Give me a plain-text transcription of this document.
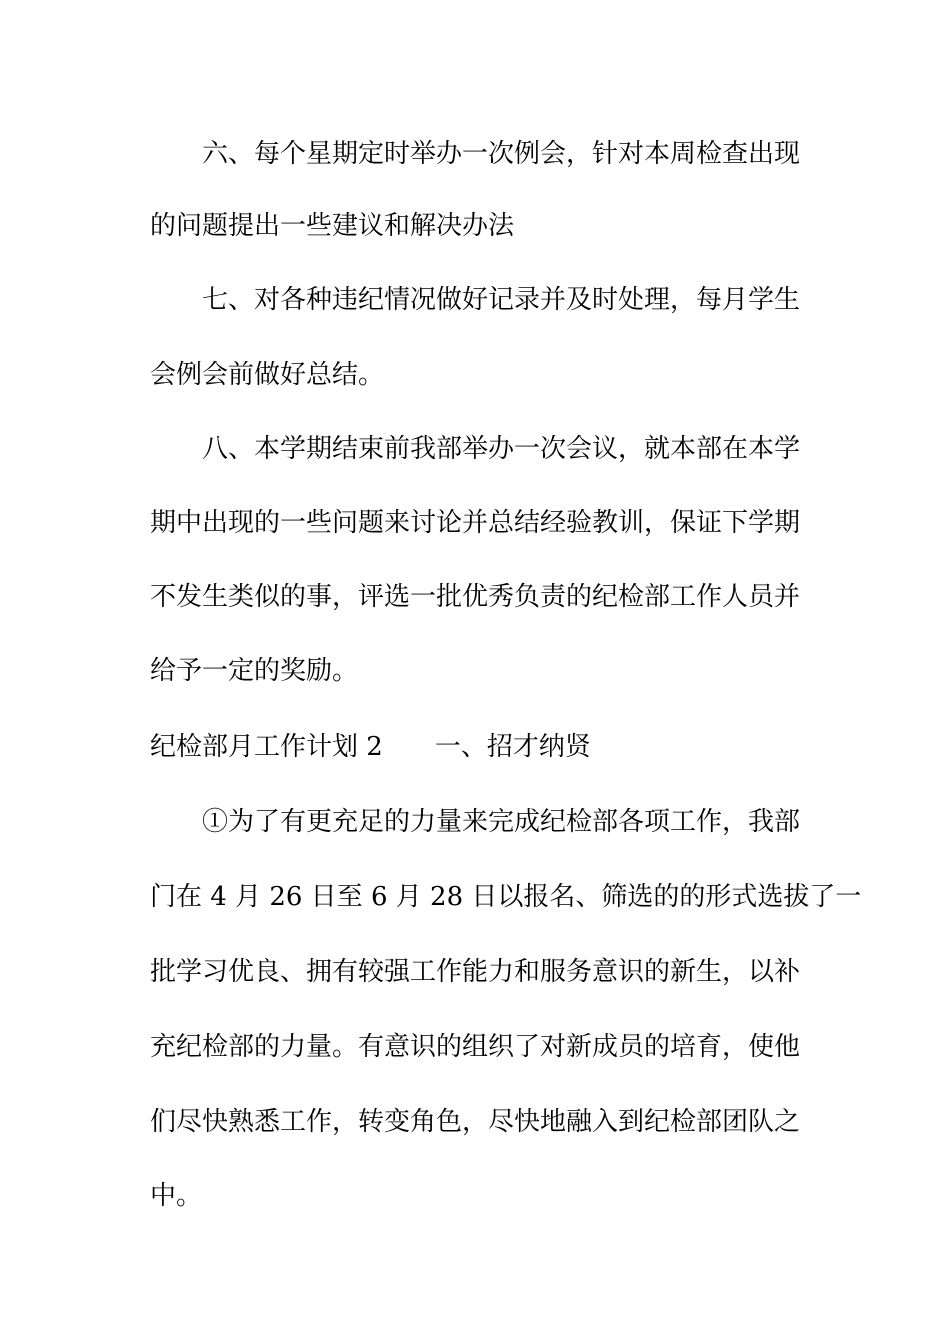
六、每个星期定时举办一次例会，针对本周检查出现

的问题提出一些建议和解决办法

七、对各种违纪情况做好记录并及时处理，每月学生

会例会前做好总结。

八、本学期结束前我部举办一次会议，就本部在本学

期中出现的一些问题来讨论并总结经验教训，保证下学期

不发生类似的事，评选一批优秀负责的纪检部工作人员并

给予一定的奖励。

纪检部月工作计划 2 一、招才纳贤

①为了有更充足的力量来完成纪检部各项工作，我部

门在 4 月 26 日至 6 月 28 日以报名、筛选的的形式选拔了一

批学习优良、拥有较强工作能力和服务意识的新生，以补

充纪检部的力量。有意识的组织了对新成员的培育，使他

们尽快熟悉工作，转变角色，尽快地融入到纪检部团队之

中。
